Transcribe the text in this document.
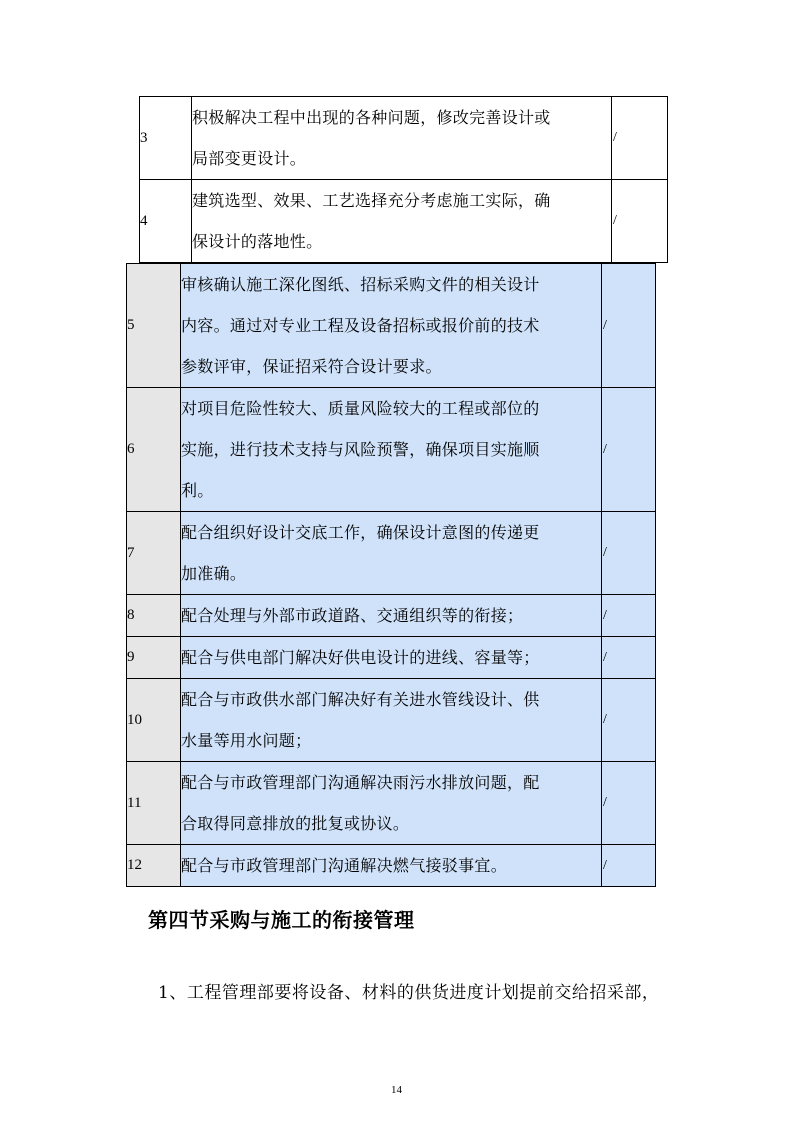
3	积极解决工程中出现的各种问题，修改完善设计或
局部变更设计。	/
4	建筑选型、效果、工艺选择充分考虑施工实际，确
保设计的落地性。	/
5	审核确认施工深化图纸、招标采购文件的相关设计
内容。通过对专业工程及设备招标或报价前的技术
参数评审，保证招采符合设计要求。	/
6	对项目危险性较大、质量风险较大的工程或部位的
实施，进行技术支持与风险预警，确保项目实施顺
利。	/
7	配合组织好设计交底工作，确保设计意图的传递更
加准确。	/
8	配合处理与外部市政道路、交通组织等的衔接；	/
9	配合与供电部门解决好供电设计的进线、容量等；	/
10	配合与市政供水部门解决好有关进水管线设计、供
水量等用水问题；	/
11	配合与市政管理部门沟通解决雨污水排放问题，配
合取得同意排放的批复或协议。	/
12	配合与市政管理部门沟通解决燃气接驳事宜。	/
第四节采购与施工的衔接管理
1、工程管理部要将设备、材料的供货进度计划提前交给招采部，
14
